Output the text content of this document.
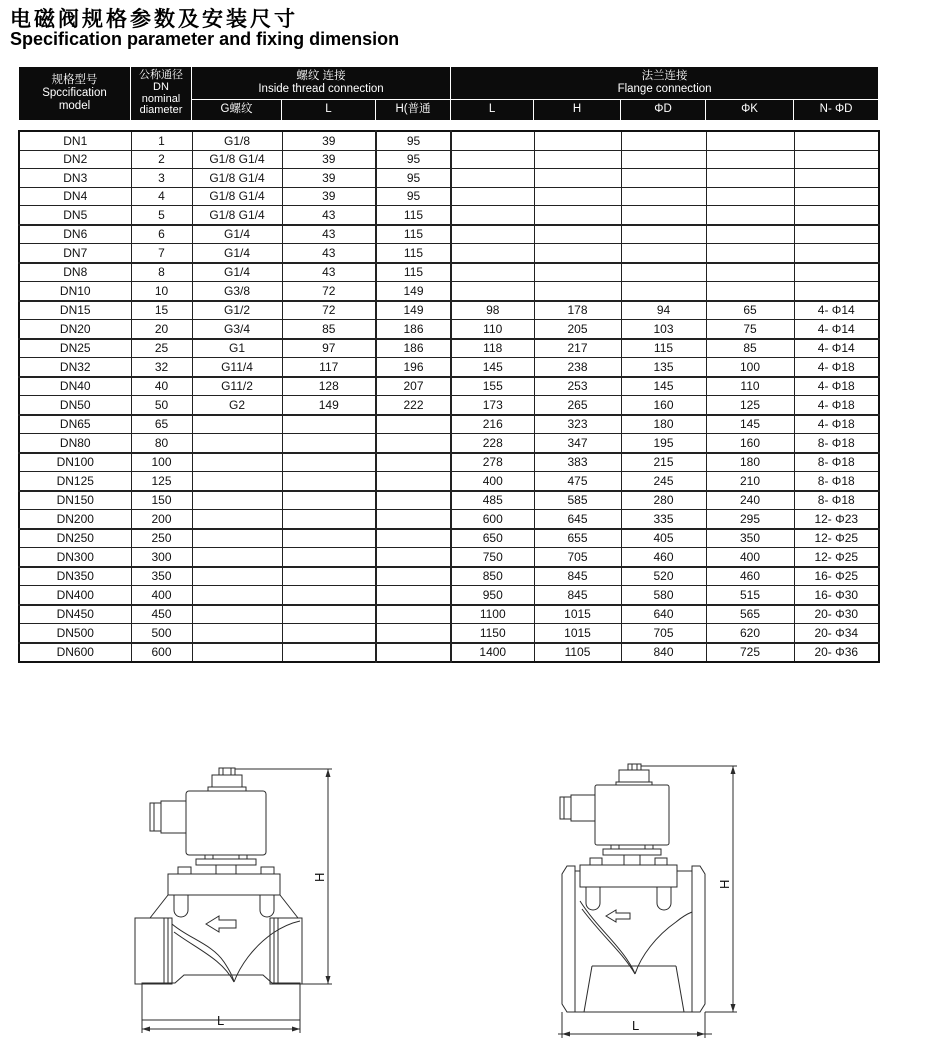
电磁阀规格参数及安装尺寸
Specification parameter and fixing dimension
规格型号
Spccification
model

公称通径
DN
nominal
diameter

螺纹 连接
Inside thread connection

法兰连接
Flange connection

		G螺纹	L	H(普通	L	H	ΦD	ΦK	N- ΦD
DN1	1	G1/8	39	95					
DN2	2	G1/8 G1/4	39	95					
DN3	3	G1/8 G1/4	39	95					
DN4	4	G1/8 G1/4	39	95					
DN5	5	G1/8 G1/4	43	115					
DN6	6	G1/4	43	115					
DN7	7	G1/4	43	115					
DN8	8	G1/4	43	115					
DN10	10	G3/8	72	149					
DN15	15	G1/2	72	149	98	178	94	65	4- Φ14
DN20	20	G3/4	85	186	110	205	103	75	4- Φ14
DN25	25	G1	97	186	118	217	115	85	4- Φ14
DN32	32	G11/4	117	196	145	238	135	100	4- Φ18
DN40	40	G11/2	128	207	155	253	145	110	4- Φ18
DN50	50	G2	149	222	173	265	160	125	4- Φ18
DN65	65				216	323	180	145	4- Φ18
DN80	80				228	347	195	160	8- Φ18
DN100	100				278	383	215	180	8- Φ18
DN125	125				400	475	245	210	8- Φ18
DN150	150				485	585	280	240	8- Φ18
DN200	200				600	645	335	295	12- Φ23
DN250	250				650	655	405	350	12- Φ25
DN300	300				750	705	460	400	12- Φ25
DN350	350				850	845	520	460	16- Φ25
DN400	400				950	845	580	515	16- Φ30
DN450	450				1100	1015	640	565	20- Φ30
DN500	500				1150	1015	705	620	20- Φ34
DN600	600				1400	1105	840	725	20- Φ36
L
H
L
H
